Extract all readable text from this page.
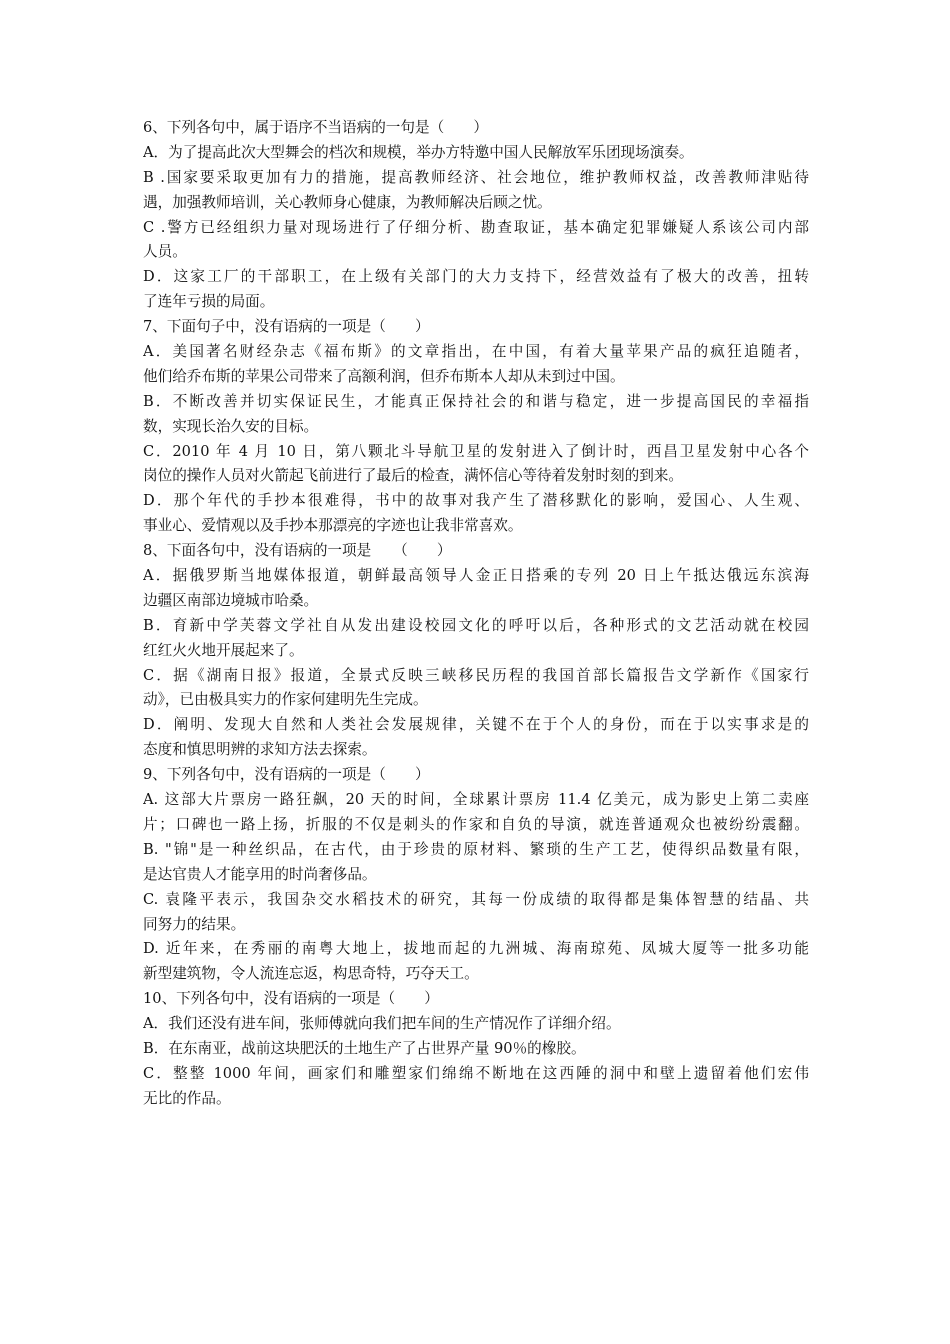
6、下列各句中，属于语序不当语病的一句是（　　）
A．为了提高此次大型舞会的档次和规模，举办方特邀中国人民解放军乐团现场演奏。
B .国家要采取更加有力的措施，提高教师经济、社会地位，维护教师权益，改善教师津贴待
遇，加强教师培训，关心教师身心健康，为教师解决后顾之忧。
C .警方已经组织力量对现场进行了仔细分析、勘查取证，基本确定犯罪嫌疑人系该公司内部
人员。
D．这家工厂的干部职工，在上级有关部门的大力支持下，经营效益有了极大的改善，扭转
了连年亏损的局面。
7、下面句子中，没有语病的一项是（　　）
A．美国著名财经杂志《福布斯》的文章指出，在中国，有着大量苹果产品的疯狂追随者，
他们给乔布斯的苹果公司带来了高额利润，但乔布斯本人却从未到过中国。
B．不断改善并切实保证民生，才能真正保持社会的和谐与稳定，进一步提高国民的幸福指
数，实现长治久安的目标。
C．2010 年 4 月 10 日，第八颗北斗导航卫星的发射进入了倒计时，西昌卫星发射中心各个
岗位的操作人员对火箭起飞前进行了最后的检查，满怀信心等待着发射时刻的到来。
D．那个年代的手抄本很难得，书中的故事对我产生了潜移默化的影响，爱国心、人生观、
事业心、爱情观以及手抄本那漂亮的字迹也让我非常喜欢。
8、下面各句中，没有语病的一项是　　（　　）
A．据俄罗斯当地媒体报道，朝鲜最高领导人金正日搭乘的专列 20 日上午抵达俄远东滨海
边疆区南部边境城市哈桑。
B．育新中学芙蓉文学社自从发出建设校园文化的呼吁以后，各种形式的文艺活动就在校园
红红火火地开展起来了。
C．据《湖南日报》报道，全景式反映三峡移民历程的我国首部长篇报告文学新作《国家行
动》，已由极具实力的作家何建明先生完成。
D．阐明、发现大自然和人类社会发展规律，关键不在于个人的身份，而在于以实事求是的
态度和慎思明辨的求知方法去探索。
9、下列各句中，没有语病的一项是（　　）
A. 这部大片票房一路狂飙，20 天的时间，全球累计票房 11.4 亿美元，成为影史上第二卖座
片；口碑也一路上扬，折服的不仅是刺头的作家和自负的导演，就连普通观众也被纷纷震翻。
B. "锦"是一种丝织品，在古代，由于珍贵的原材料、繁琐的生产工艺，使得织品数量有限，
是达官贵人才能享用的时尚奢侈品。
C. 袁隆平表示，我国杂交水稻技术的研究，其每一份成绩的取得都是集体智慧的结晶、共
同努力的结果。
D. 近年来，在秀丽的南粤大地上，拔地而起的九洲城、海南琼苑、凤城大厦等一批多功能
新型建筑物，令人流连忘返，构思奇特，巧夺天工。
10、下列各句中，没有语病的一项是（　　）
A．我们还没有进车间，张师傅就向我们把车间的生产情况作了详细介绍。
B．在东南亚，战前这块肥沃的土地生产了占世界产量 90％的橡胶。
C．整整 1000 年间，画家们和雕塑家们绵绵不断地在这西陲的洞中和壁上遗留着他们宏伟
无比的作品。
